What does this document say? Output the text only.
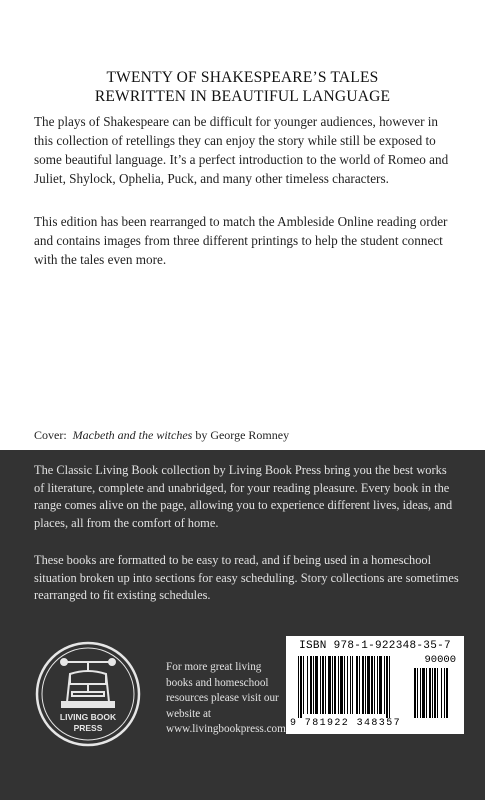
TWENTY OF SHAKESPEARE’S TALES
REWRITTEN IN BEAUTIFUL LANGUAGE
The plays of Shakespeare can be difficult for younger audiences, however in this collection of retellings they can enjoy the story while still be exposed to some beautiful language. It’s a perfect introduction to the world of Romeo and Juliet, Shylock, Ophelia, Puck, and many other timeless characters.
This edition has been rearranged to match the Ambleside Online reading order and contains images from three different printings to help the student connect with the tales even more.
Cover: Macbeth and the witches by George Romney
The Classic Living Book collection by Living Book Press bring you the best works of literature, complete and unabridged, for your reading pleasure. Every book in the range comes alive on the page, allowing you to experience different lives, ideas, and places, all from the comfort of home.
These books are formatted to be easy to read, and if being used in a homeschool situation broken up into sections for easy scheduling. Story collections are sometimes rearranged to fit existing schedules.
LIVING BOOK
PRESS
For more great living books and homeschool resources please visit our website at www.livingbookpress.com
ISBN 978-1-922348-35-7
90000
9 781922 348357
